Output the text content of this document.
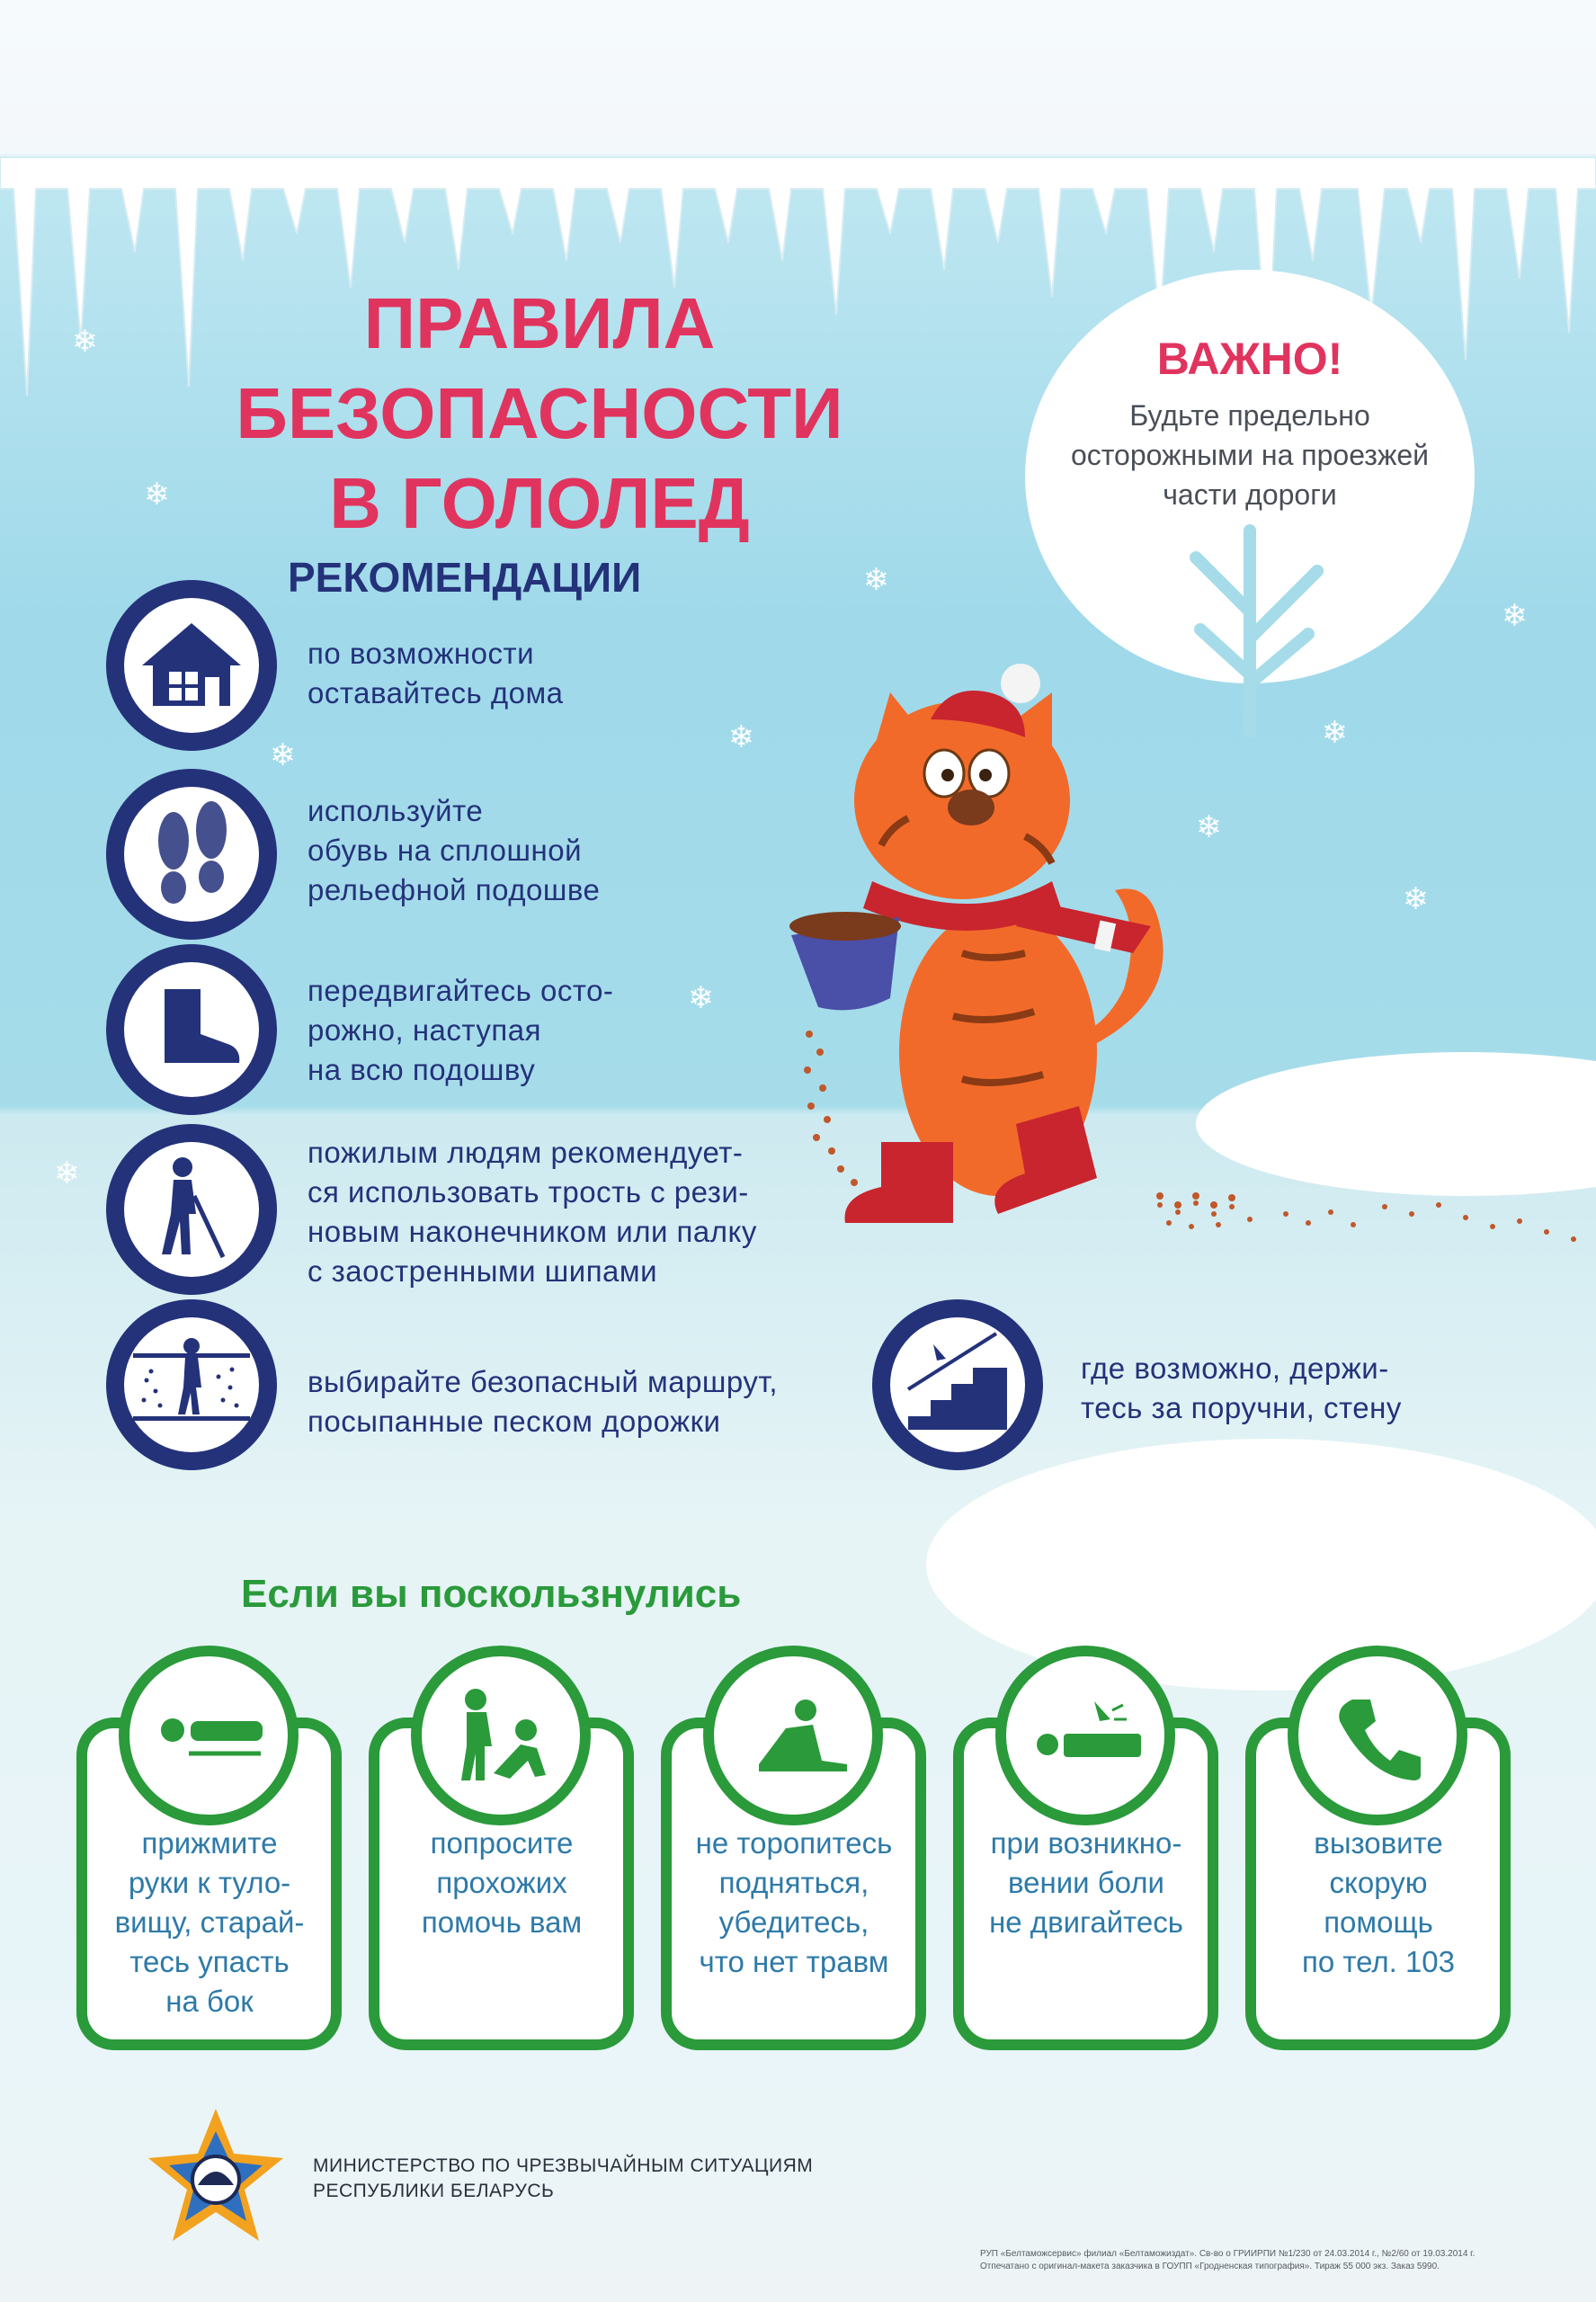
❄
❄
❄
❄
❄
❄
❄
❄
❄
❄
❄
ПРАВИЛА
БЕЗОПАСНОСТИ
В ГОЛОЛЕД
ВАЖНО!
Будьте предельно
осторожными на проезжей
части дороги
РЕКОМЕНДАЦИИ
по возможности
оставайтесь дома
используйте
обувь на сплошной
рельефной подошве
передвигайтесь осто-
рожно, наступая
на всю подошву
пожилым людям рекомендует-
ся использовать трость с рези-
новым наконечником или палку
с заостренными шипами
выбирайте безопасный маршрут,
посыпанные песком дорожки
где возможно, держи-
тесь за поручни, стену
Если вы поскользнулись
прижмите
руки к туло-
вищу, старай-
тесь упасть
на бок
попросите
прохожих
помочь вам
не торопитесь
подняться,
убедитесь,
что нет травм
при возникно-
вении боли
не двигайтесь
вызовите
скорую
помощь
по тел. 103
МИНИСТЕРСТВО ПО ЧРЕЗВЫЧАЙНЫМ СИТУАЦИЯМ
РЕСПУБЛИКИ БЕЛАРУСЬ
РУП «Белтаможсервис» филиал «Белтаможиздат». Св-во о ГРИИРПИ №1/230 от 24.03.2014 г., №2/60 от 19.03.2014 г.
Отпечатано с оригинал-макета заказчика в ГОУПП «Гродненская типография». Тираж 55 000 экз. Заказ 5990.
